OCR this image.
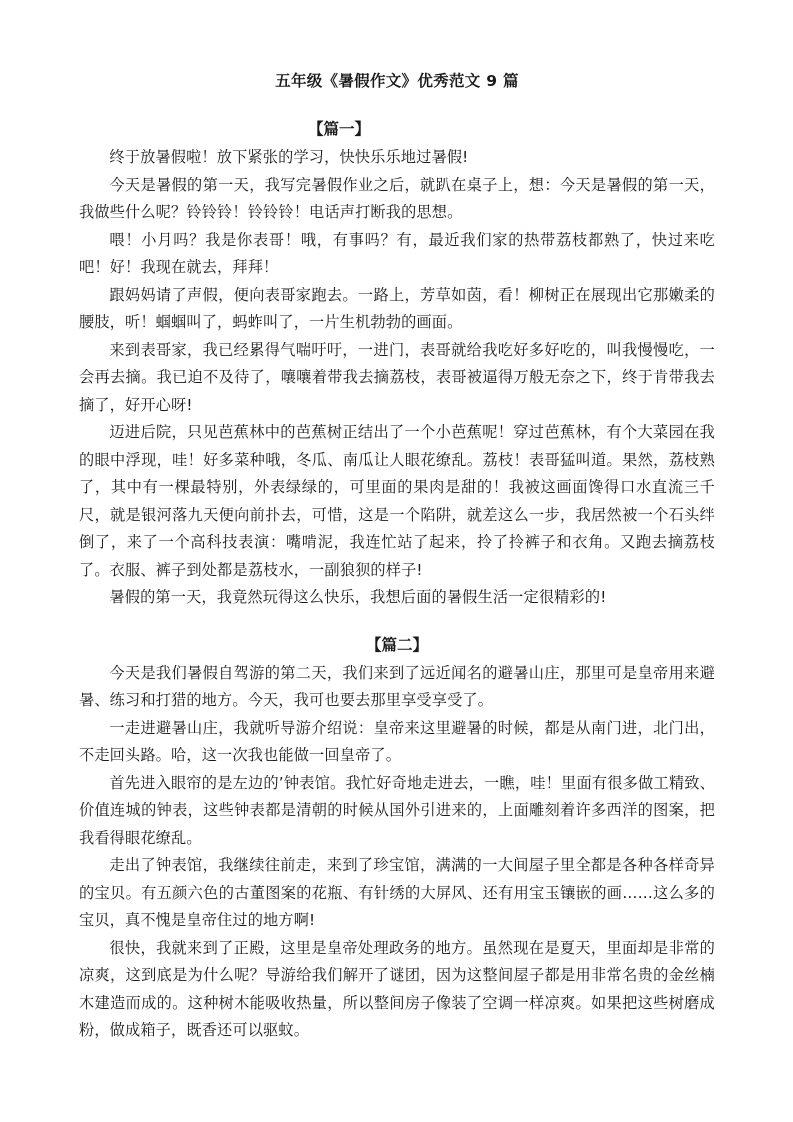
五年级《暑假作文》优秀范文 9 篇
【篇一】

终于放暑假啦！放下紧张的学习，快快乐乐地过暑假!

今天是暑假的第一天，我写完暑假作业之后，就趴在桌子上，想：今天是暑假的第一天，我做些什么呢？铃铃铃！铃铃铃！电话声打断我的思想。

喂！小月吗？我是你表哥！哦，有事吗？有，最近我们家的热带荔枝都熟了，快过来吃吧！好！我现在就去，拜拜！

跟妈妈请了声假，便向表哥家跑去。一路上，芳草如茵，看！柳树正在展现出它那嫩柔的腰肢，听！蝈蝈叫了，蚂蚱叫了，一片生机勃勃的画面。

来到表哥家，我已经累得气喘吁吁，一进门，表哥就给我吃好多好吃的，叫我慢慢吃，一会再去摘。我已迫不及待了，嚷嚷着带我去摘荔枝，表哥被逼得万般无奈之下，终于肯带我去摘了，好开心呀!

迈进后院，只见芭蕉林中的芭蕉树正结出了一个小芭蕉呢！穿过芭蕉林，有个大菜园在我的眼中浮现，哇！好多菜种哦，冬瓜、南瓜让人眼花缭乱。荔枝！表哥猛叫道。果然，荔枝熟了，其中有一棵最特别，外表绿绿的，可里面的果肉是甜的！我被这画面馋得口水直流三千尺，就是银河落九天便向前扑去，可惜，这是一个陷阱，就差这么一步，我居然被一个石头绊倒了，来了一个高科技表演：嘴啃泥，我连忙站了起来，拎了拎裤子和衣角。又跑去摘荔枝了。衣服、裤子到处都是荔枝水，一副狼狈的样子!

暑假的第一天，我竟然玩得这么快乐，我想后面的暑假生活一定很精彩的!

【篇二】

今天是我们暑假自驾游的第二天，我们来到了远近闻名的避暑山庄，那里可是皇帝用来避暑、练习和打猎的地方。今天，我可也要去那里享受享受了。

一走进避暑山庄，我就听导游介绍说：皇帝来这里避暑的时候，都是从南门进，北门出，不走回头路。哈，这一次我也能做一回皇帝了。

首先进入眼帘的是左边的’钟表馆。我忙好奇地走进去，一瞧，哇！里面有很多做工精致、价值连城的钟表，这些钟表都是清朝的时候从国外引进来的，上面雕刻着许多西洋的图案，把我看得眼花缭乱。

走出了钟表馆，我继续往前走，来到了珍宝馆，满满的一大间屋子里全都是各种各样奇异的宝贝。有五颜六色的古董图案的花瓶、有针绣的大屏风、还有用宝玉镶嵌的画……这么多的宝贝，真不愧是皇帝住过的地方啊!

很快，我就来到了正殿，这里是皇帝处理政务的地方。虽然现在是夏天，里面却是非常的凉爽，这到底是为什么呢？导游给我们解开了谜团，因为这整间屋子都是用非常名贵的金丝楠木建造而成的。这种树木能吸收热量，所以整间房子像装了空调一样凉爽。如果把这些树磨成粉，做成箱子，既香还可以驱蚊。
